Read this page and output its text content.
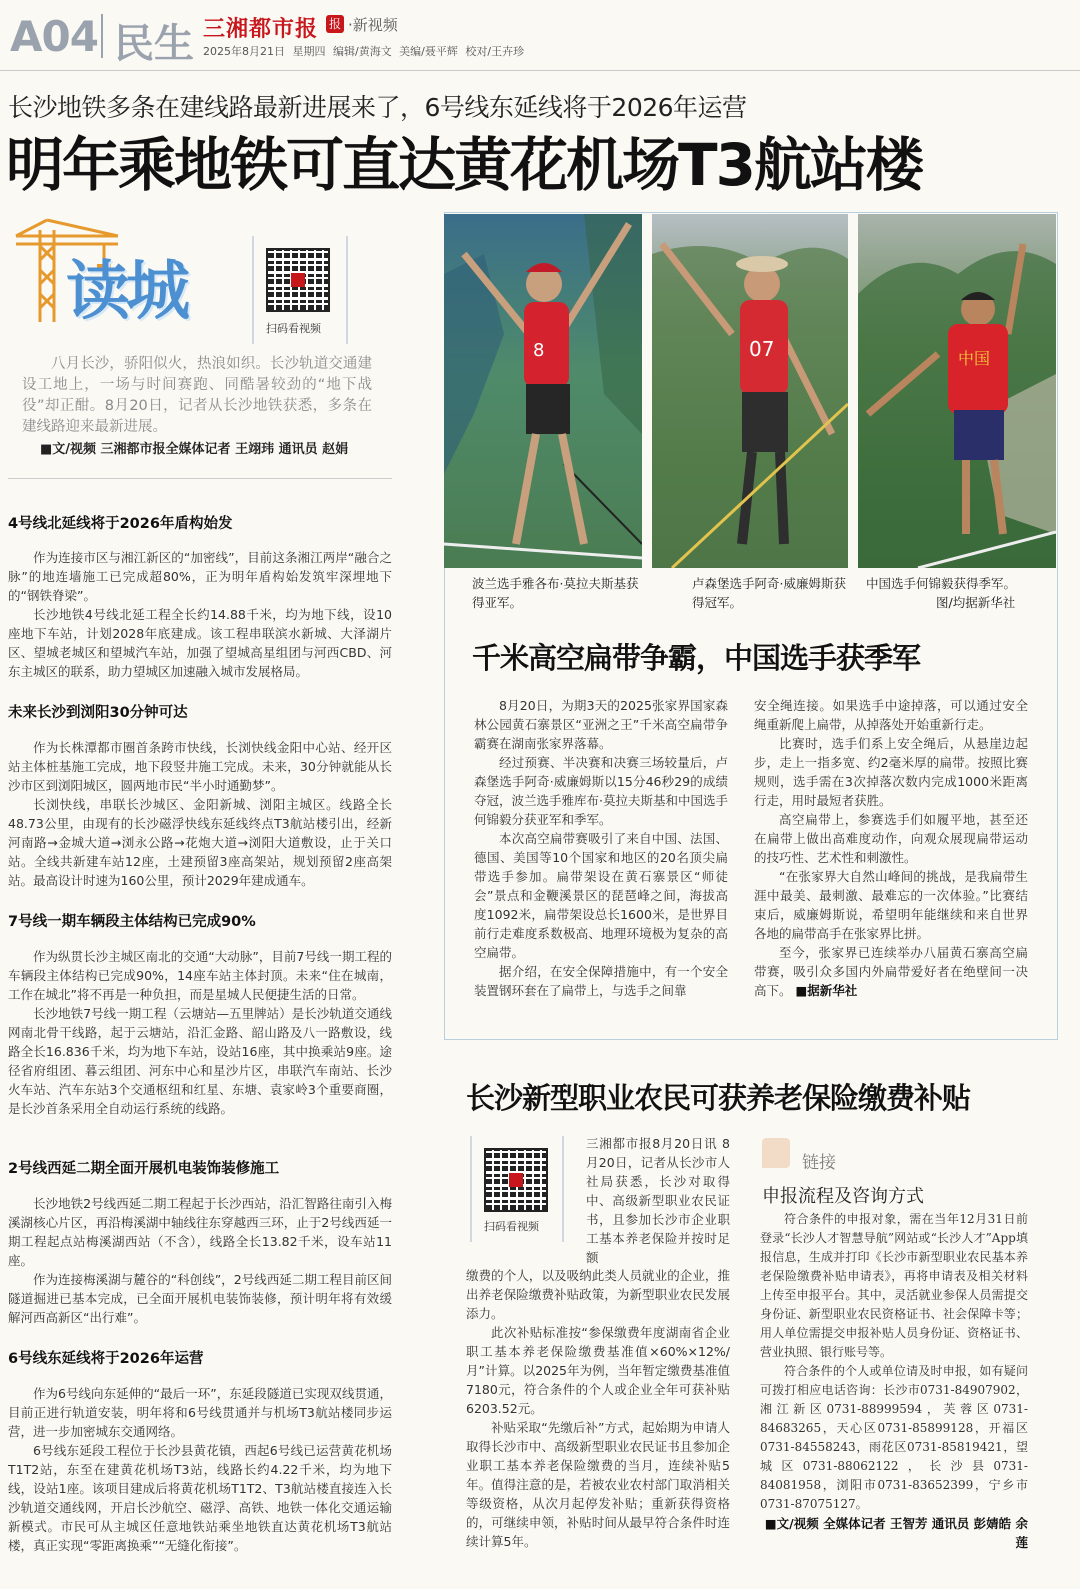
A04 民生 三湘都市报 报 ·新视频
2025年8月21日 星期四 编辑/黄海文 美编/聂平辉 校对/王卉珍
长沙地铁多条在建线路最新进展来了，6号线东延线将于2026年运营
明年乘地铁可直达黄花机场T3航站楼
读城	扫码看视频

八月长沙，骄阳似火，热浪如织。长沙轨道交通建设工地上，一场与时间赛跑、同酷暑较劲的“地下战役”却正酣。8月20日，记者从长沙地铁获悉，多条在建线路迎来最新进展。

■文/视频 三湘都市报全媒体记者 王翊玮 通讯员 赵娟
4号线北延线将于2026年盾构始发

作为连接市区与湘江新区的“加密线”，目前这条湘江两岸“融合之脉”的地连墙施工已完成超80%，正为明年盾构始发筑牢深埋地下的“钢铁脊梁”。

长沙地铁4号线北延工程全长约14.88千米，均为地下线，设10座地下车站，计划2028年底建成。该工程串联滨水新城、大泽湖片区、望城老城区和望城汽车站，加强了望城高星组团与河西CBD、河东主城区的联系，助力望城区加速融入城市发展格局。

未来长沙到浏阳30分钟可达

作为长株潭都市圈首条跨市快线，长浏快线金阳中心站、经开区站主体桩基施工完成，地下段竖井施工完成。未来，30分钟就能从长沙市区到浏阳城区，圆两地市民“半小时通勤梦”。

长浏快线，串联长沙城区、金阳新城、浏阳主城区。线路全长48.73公里，由现有的长沙磁浮快线东延线终点T3航站楼引出，经新河南路→金城大道→浏永公路→花炮大道→浏阳大道敷设，止于关口站。全线共新建车站12座，土建预留3座高架站，规划预留2座高架站。最高设计时速为160公里，预计2029年建成通车。

7号线一期车辆段主体结构已完成90%

作为纵贯长沙主城区南北的交通“大动脉”，目前7号线一期工程的车辆段主体结构已完成90%，14座车站主体封顶。未来“住在城南，工作在城北”将不再是一种负担，而是星城人民便捷生活的日常。

长沙地铁7号线一期工程（云塘站—五里牌站）是长沙轨道交通线网南北骨干线路，起于云塘站，沿汇金路、韶山路及八一路敷设，线路全长16.836千米，均为地下车站，设站16座，其中换乘站9座。途径省府组团、暮云组团、河东中心和星沙片区，串联汽车南站、长沙火车站、汽车东站3个交通枢纽和红星、东塘、袁家岭3个重要商圈，是长沙首条采用全自动运行系统的线路。

2号线西延二期全面开展机电装饰装修施工

长沙地铁2号线西延二期工程起于长沙西站，沿汇智路往南引入梅溪湖核心片区，再沿梅溪湖中轴线往东穿越西三环，止于2号线西延一期工程起点站梅溪湖西站（不含），线路全长13.82千米，设车站11座。

作为连接梅溪湖与麓谷的“科创线”，2号线西延二期工程目前区间隧道掘进已基本完成，已全面开展机电装饰装修，预计明年将有效缓解河西高新区“出行难”。

6号线东延线将于2026年运营

作为6号线向东延伸的“最后一环”，东延段隧道已实现双线贯通，目前正进行轨道安装，明年将和6号线贯通并与机场T3航站楼同步运营，进一步加密城东交通网络。

6号线东延段工程位于长沙县黄花镇，西起6号线已运营黄花机场T1T2站，东至在建黄花机场T3站，线路长约4.22千米，均为地下线，设站1座。该项目建成后将黄花机场T1T2、T3航站楼直接连入长沙轨道交通线网，开启长沙航空、磁浮、高铁、地铁一体化交通运输新模式。市民可从主城区任意地铁站乘坐地铁直达黄花机场T3航站楼，真正实现“零距离换乘”“无缝化衔接”。

8	07	中国
波兰选手雅各布·莫拉夫斯基获得亚军。
卢森堡选手阿奇·威廉姆斯获得冠军。
中国选手何锦毅获得季军。
图/均据新华社
千米高空扁带争霸，中国选手获季军

8月20日，为期3天的2025张家界国家森林公园黄石寨景区“亚洲之王”千米高空扁带争霸赛在湖南张家界落幕。

经过预赛、半决赛和决赛三场较量后，卢森堡选手阿奇·威廉姆斯以15分46秒29的成绩夺冠，波兰选手雅库布·莫拉夫斯基和中国选手何锦毅分获亚军和季军。

本次高空扁带赛吸引了来自中国、法国、德国、美国等10个国家和地区的20名顶尖扁带选手参加。扁带架设在黄石寨景区“师徒会”景点和金鞭溪景区的琵琶峰之间，海拔高度1092米，扁带架设总长1600米，是世界目前行走难度系数极高、地理环境极为复杂的高空扁带。

据介绍，在安全保障措施中，有一个安全装置钢环套在了扁带上，与选手之间靠

安全绳连接。如果选手中途掉落，可以通过安全绳重新爬上扁带，从掉落处开始重新行走。

比赛时，选手们系上安全绳后，从悬崖边起步，走上一指多宽、约2毫米厚的扁带。按照比赛规则，选手需在3次掉落次数内完成1000米距离行走，用时最短者获胜。

高空扁带上，参赛选手们如履平地，甚至还在扁带上做出高难度动作，向观众展现扁带运动的技巧性、艺术性和刺激性。

“在张家界大自然山峰间的挑战，是我扁带生涯中最美、最刺激、最难忘的一次体验。”比赛结束后，威廉姆斯说，希望明年能继续和来自世界各地的扁带高手在张家界比拼。

至今，张家界已连续举办八届黄石寨高空扁带赛，吸引众多国内外扁带爱好者在绝壁间一决高下。 ■据新华社

长沙新型职业农民可获养老保险缴费补贴
扫码看视频

三湘都市报8月20日讯 8月20日，记者从长沙市人社局获悉，长沙对取得中、高级新型职业农民证书，且参加长沙市企业职工基本养老保险并按时足额

缴费的个人，以及吸纳此类人员就业的企业，推出养老保险缴费补贴政策，为新型职业农民发展添力。

此次补贴标准按“参保缴费年度湖南省企业职工基本养老保险缴费基准值×60%×12%/月”计算。以2025年为例，当年暂定缴费基准值7180元，符合条件的个人或企业全年可获补贴6203.52元。

补贴采取“先缴后补”方式，起始期为申请人取得长沙市中、高级新型职业农民证书且参加企业职工基本养老保险缴费的当月，连续补贴5年。值得注意的是，若被农业农村部门取消相关等级资格，从次月起停发补贴；重新获得资格的，可继续申领，补贴时间从最早符合条件时连续计算5年。

链接
申报流程及咨询方式

符合条件的申报对象，需在当年12月31日前登录“长沙人才智慧导航”网站或“长沙人才”App填报信息，生成并打印《长沙市新型职业农民基本养老保险缴费补贴申请表》，再将申请表及相关材料上传至申报平台。其中，灵活就业参保人员需提交身份证、新型职业农民资格证书、社会保障卡等；用人单位需提交申报补贴人员身份证、资格证书、营业执照、银行账号等。

符合条件的个人或单位请及时申报，如有疑问可拨打相应电话咨询：长沙市0731-84907902，湘江新区0731-88999594，芙蓉区0731-84683265，天心区0731-85899128，开福区0731-84558243，雨花区0731-85819421，望城区0731-88062122，长沙县0731-84081958，浏阳市0731-83652399，宁乡市0731-87075127。

■文/视频 全媒体记者 王智芳 通讯员 彭婧皓 余莲
